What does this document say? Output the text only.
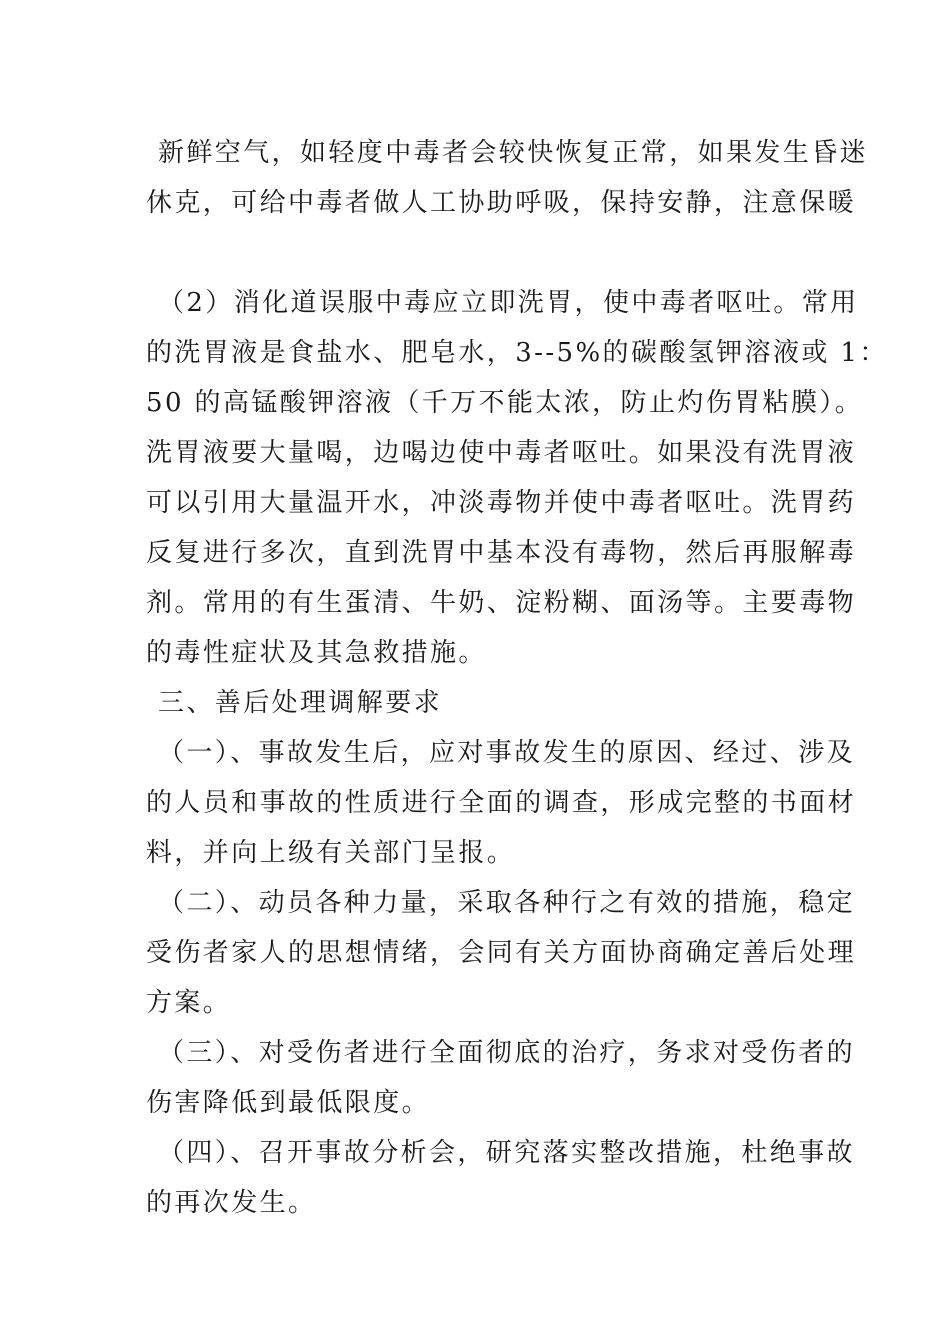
新鲜空气，如轻度中毒者会较快恢复正常，如果发生昏迷
休克，可给中毒者做人工协助呼吸，保持安静，注意保暖
（2）消化道误服中毒应立即洗胃，使中毒者呕吐。常用
的洗胃液是食盐水、肥皂水，3--5%的碳酸氢钾溶液或 1：
50 的高锰酸钾溶液（千万不能太浓，防止灼伤胃粘膜）。
洗胃液要大量喝，边喝边使中毒者呕吐。如果没有洗胃液
可以引用大量温开水，冲淡毒物并使中毒者呕吐。洗胃药
反复进行多次，直到洗胃中基本没有毒物，然后再服解毒
剂。常用的有生蛋清、牛奶、淀粉糊、面汤等。主要毒物
的毒性症状及其急救措施。
三、善后处理调解要求
（一）、事故发生后，应对事故发生的原因、经过、涉及
的人员和事故的性质进行全面的调查，形成完整的书面材
料，并向上级有关部门呈报。
（二）、动员各种力量，采取各种行之有效的措施，稳定
受伤者家人的思想情绪，会同有关方面协商确定善后处理
方案。
（三）、对受伤者进行全面彻底的治疗，务求对受伤者的
伤害降低到最低限度。
（四）、召开事故分析会，研究落实整改措施，杜绝事故
的再次发生。
